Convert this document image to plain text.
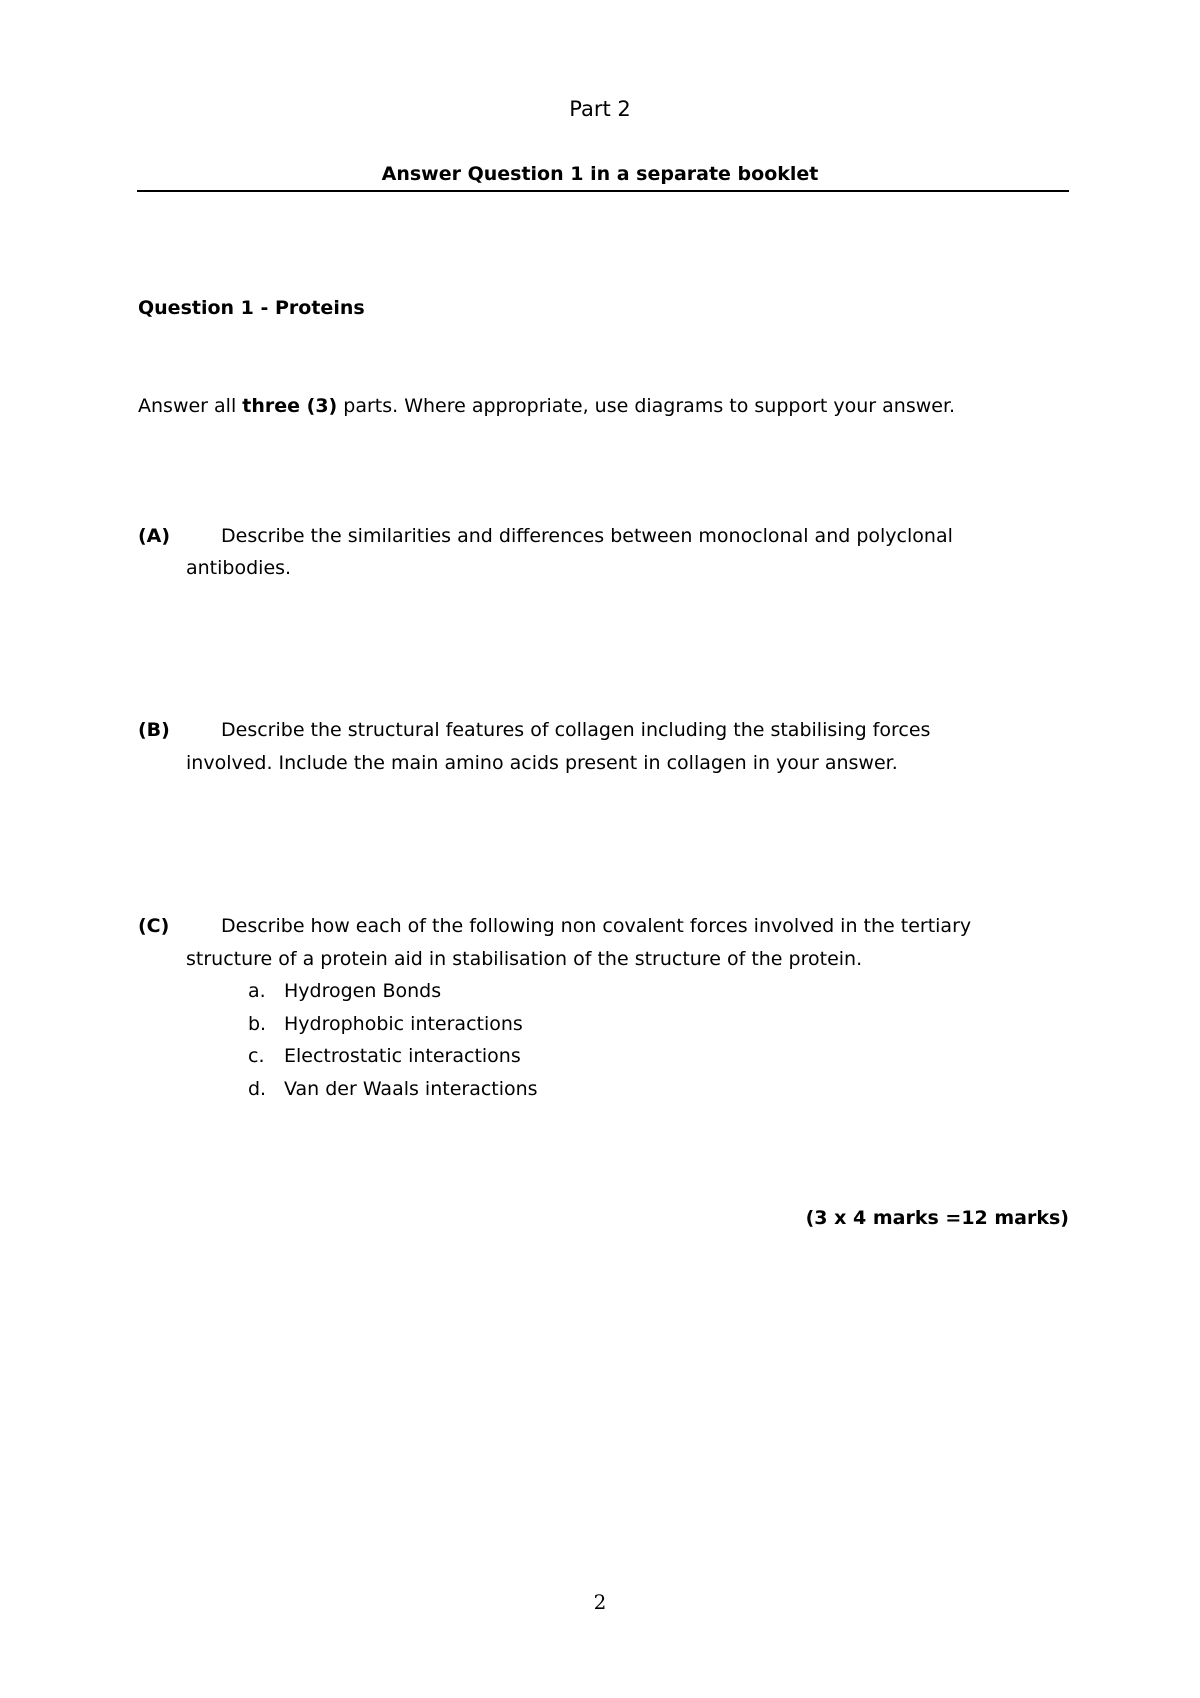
Part 2
Answer Question 1 in a separate booklet
Question 1 - Proteins
Answer all three (3) parts. Where appropriate, use diagrams to support your answer.
(A)	Describe the similarities and differences between monoclonal and polyclonal
antibodies.
(B)	Describe the structural features of collagen including the stabilising forces
involved. Include the main amino acids present in collagen in your answer.
(C)	Describe how each of the following non covalent forces involved in the tertiary
structure of a protein aid in stabilisation of the structure of the protein.
a. Hydrogen Bonds
b. Hydrophobic interactions
c. Electrostatic interactions
d. Van der Waals interactions
(3 x 4 marks =12 marks)
2
